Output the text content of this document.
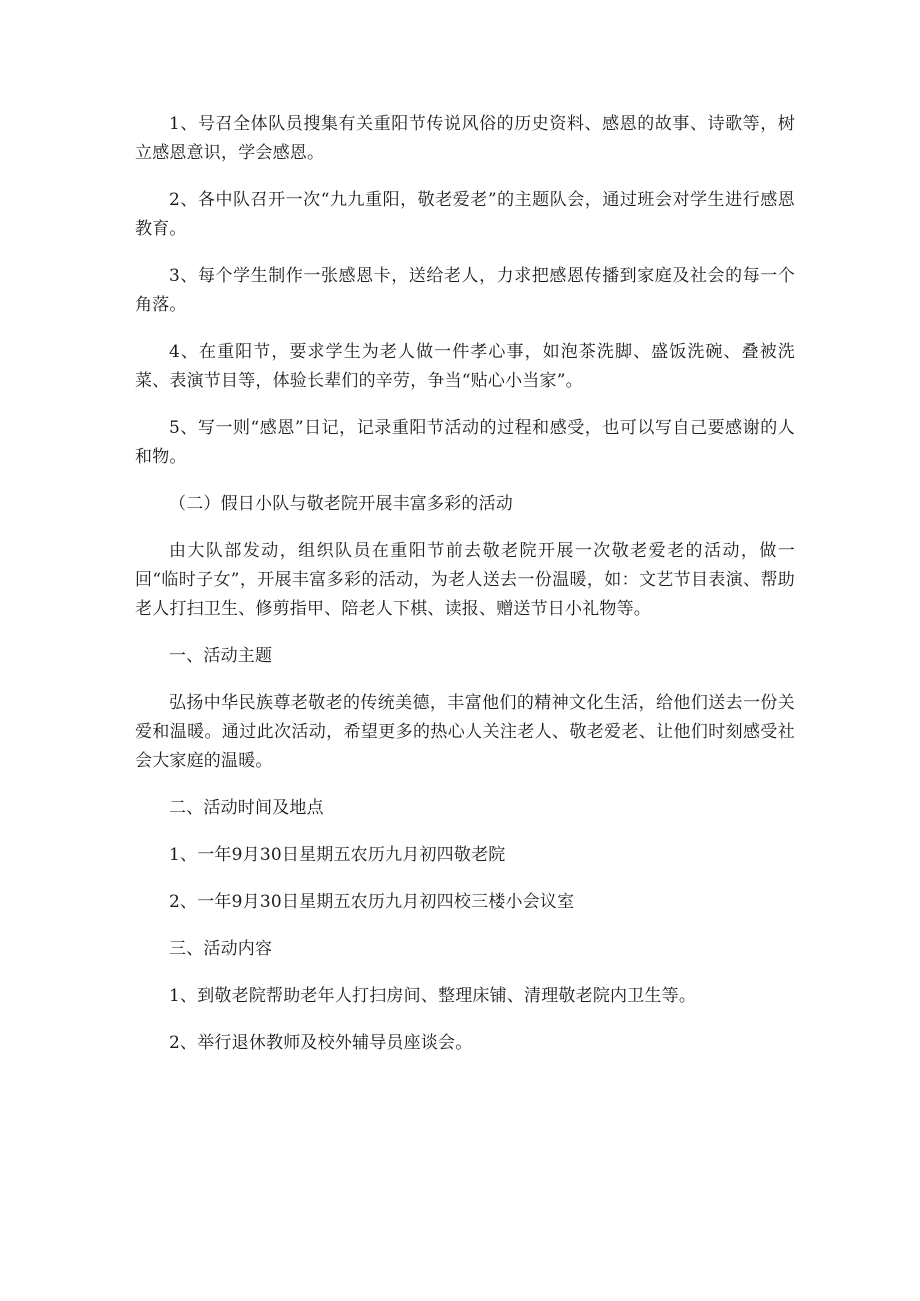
1、号召全体队员搜集有关重阳节传说风俗的历史资料、感恩的故事、诗歌等，树立感恩意识，学会感恩。

2、各中队召开一次“九九重阳，敬老爱老”的主题队会，通过班会对学生进行感恩教育。

3、每个学生制作一张感恩卡，送给老人，力求把感恩传播到家庭及社会的每一个角落。

4、在重阳节，要求学生为老人做一件孝心事，如泡茶洗脚、盛饭洗碗、叠被洗菜、表演节目等，体验长辈们的辛劳，争当“贴心小当家”。

5、写一则“感恩”日记，记录重阳节活动的过程和感受，也可以写自己要感谢的人和物。

（二）假日小队与敬老院开展丰富多彩的活动

由大队部发动，组织队员在重阳节前去敬老院开展一次敬老爱老的活动，做一回“临时子女”，开展丰富多彩的活动，为老人送去一份温暖，如：文艺节目表演、帮助老人打扫卫生、修剪指甲、陪老人下棋、读报、赠送节日小礼物等。

一、活动主题

弘扬中华民族尊老敬老的传统美德，丰富他们的精神文化生活，给他们送去一份关爱和温暖。通过此次活动，希望更多的热心人关注老人、敬老爱老、让他们时刻感受社会大家庭的温暖。

二、活动时间及地点

1、一年9月30日星期五农历九月初四敬老院

2、一年9月30日星期五农历九月初四校三楼小会议室

三、活动内容

1、到敬老院帮助老年人打扫房间、整理床铺、清理敬老院内卫生等。

2、举行退休教师及校外辅导员座谈会。
